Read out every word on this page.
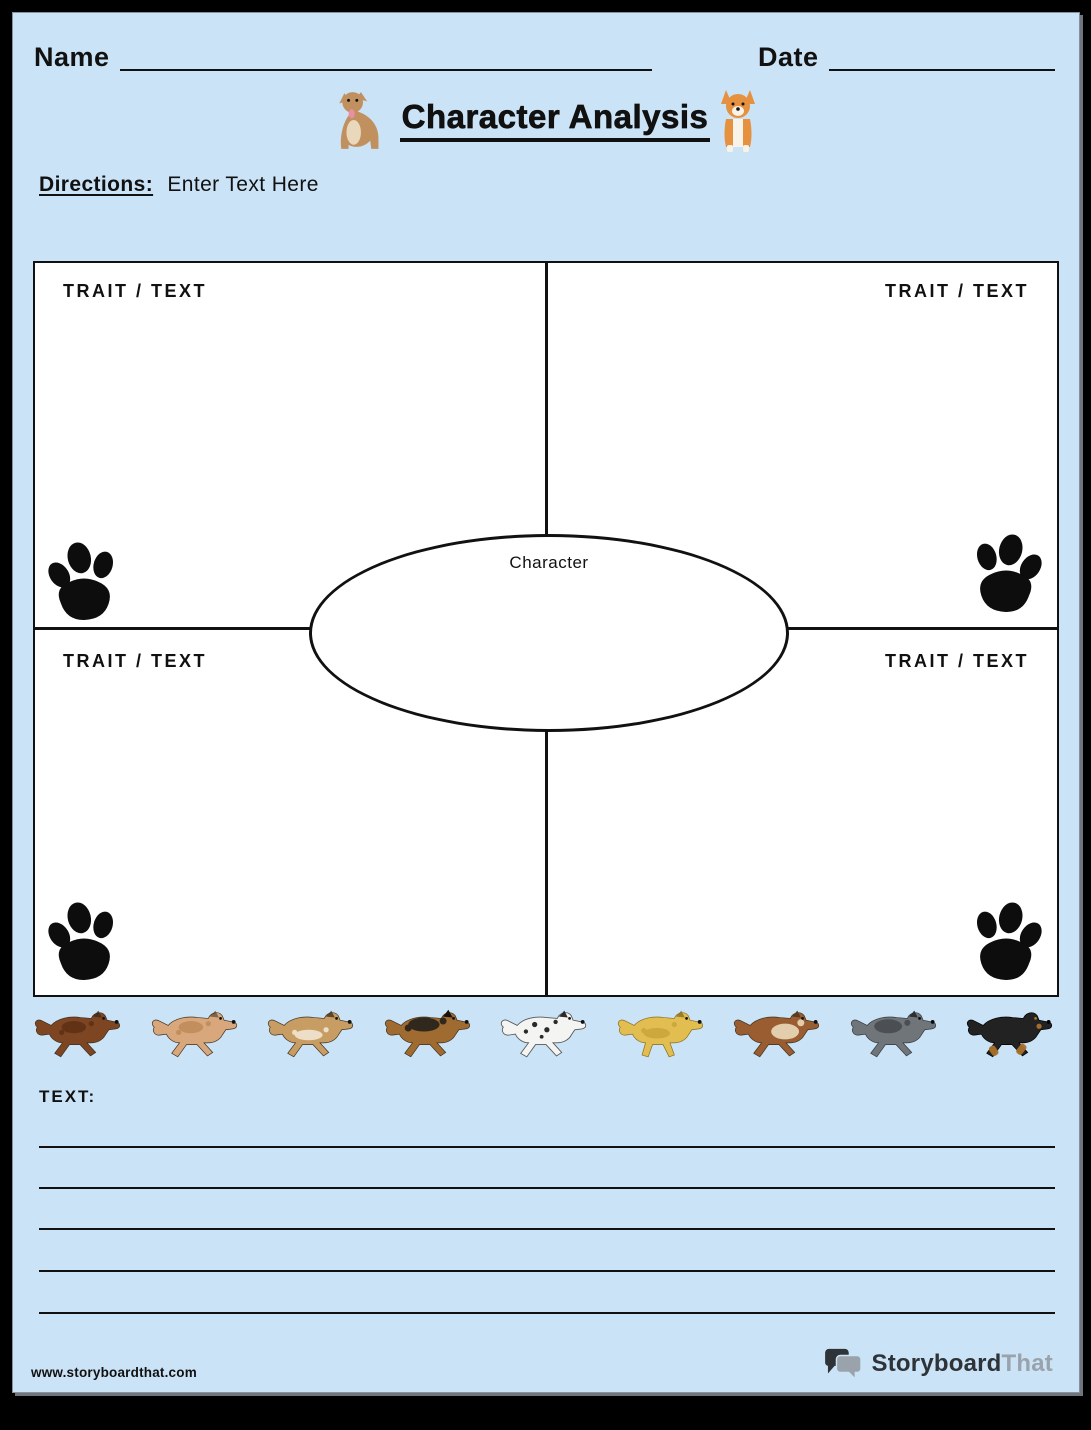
Name	Date
Character Analysis
Directions: Enter Text Here
TRAIT / TEXT	TRAIT / TEXT
TRAIT / TEXT	TRAIT / TEXT
Character
TEXT:
www.storyboardthat.com	StoryboardThat
